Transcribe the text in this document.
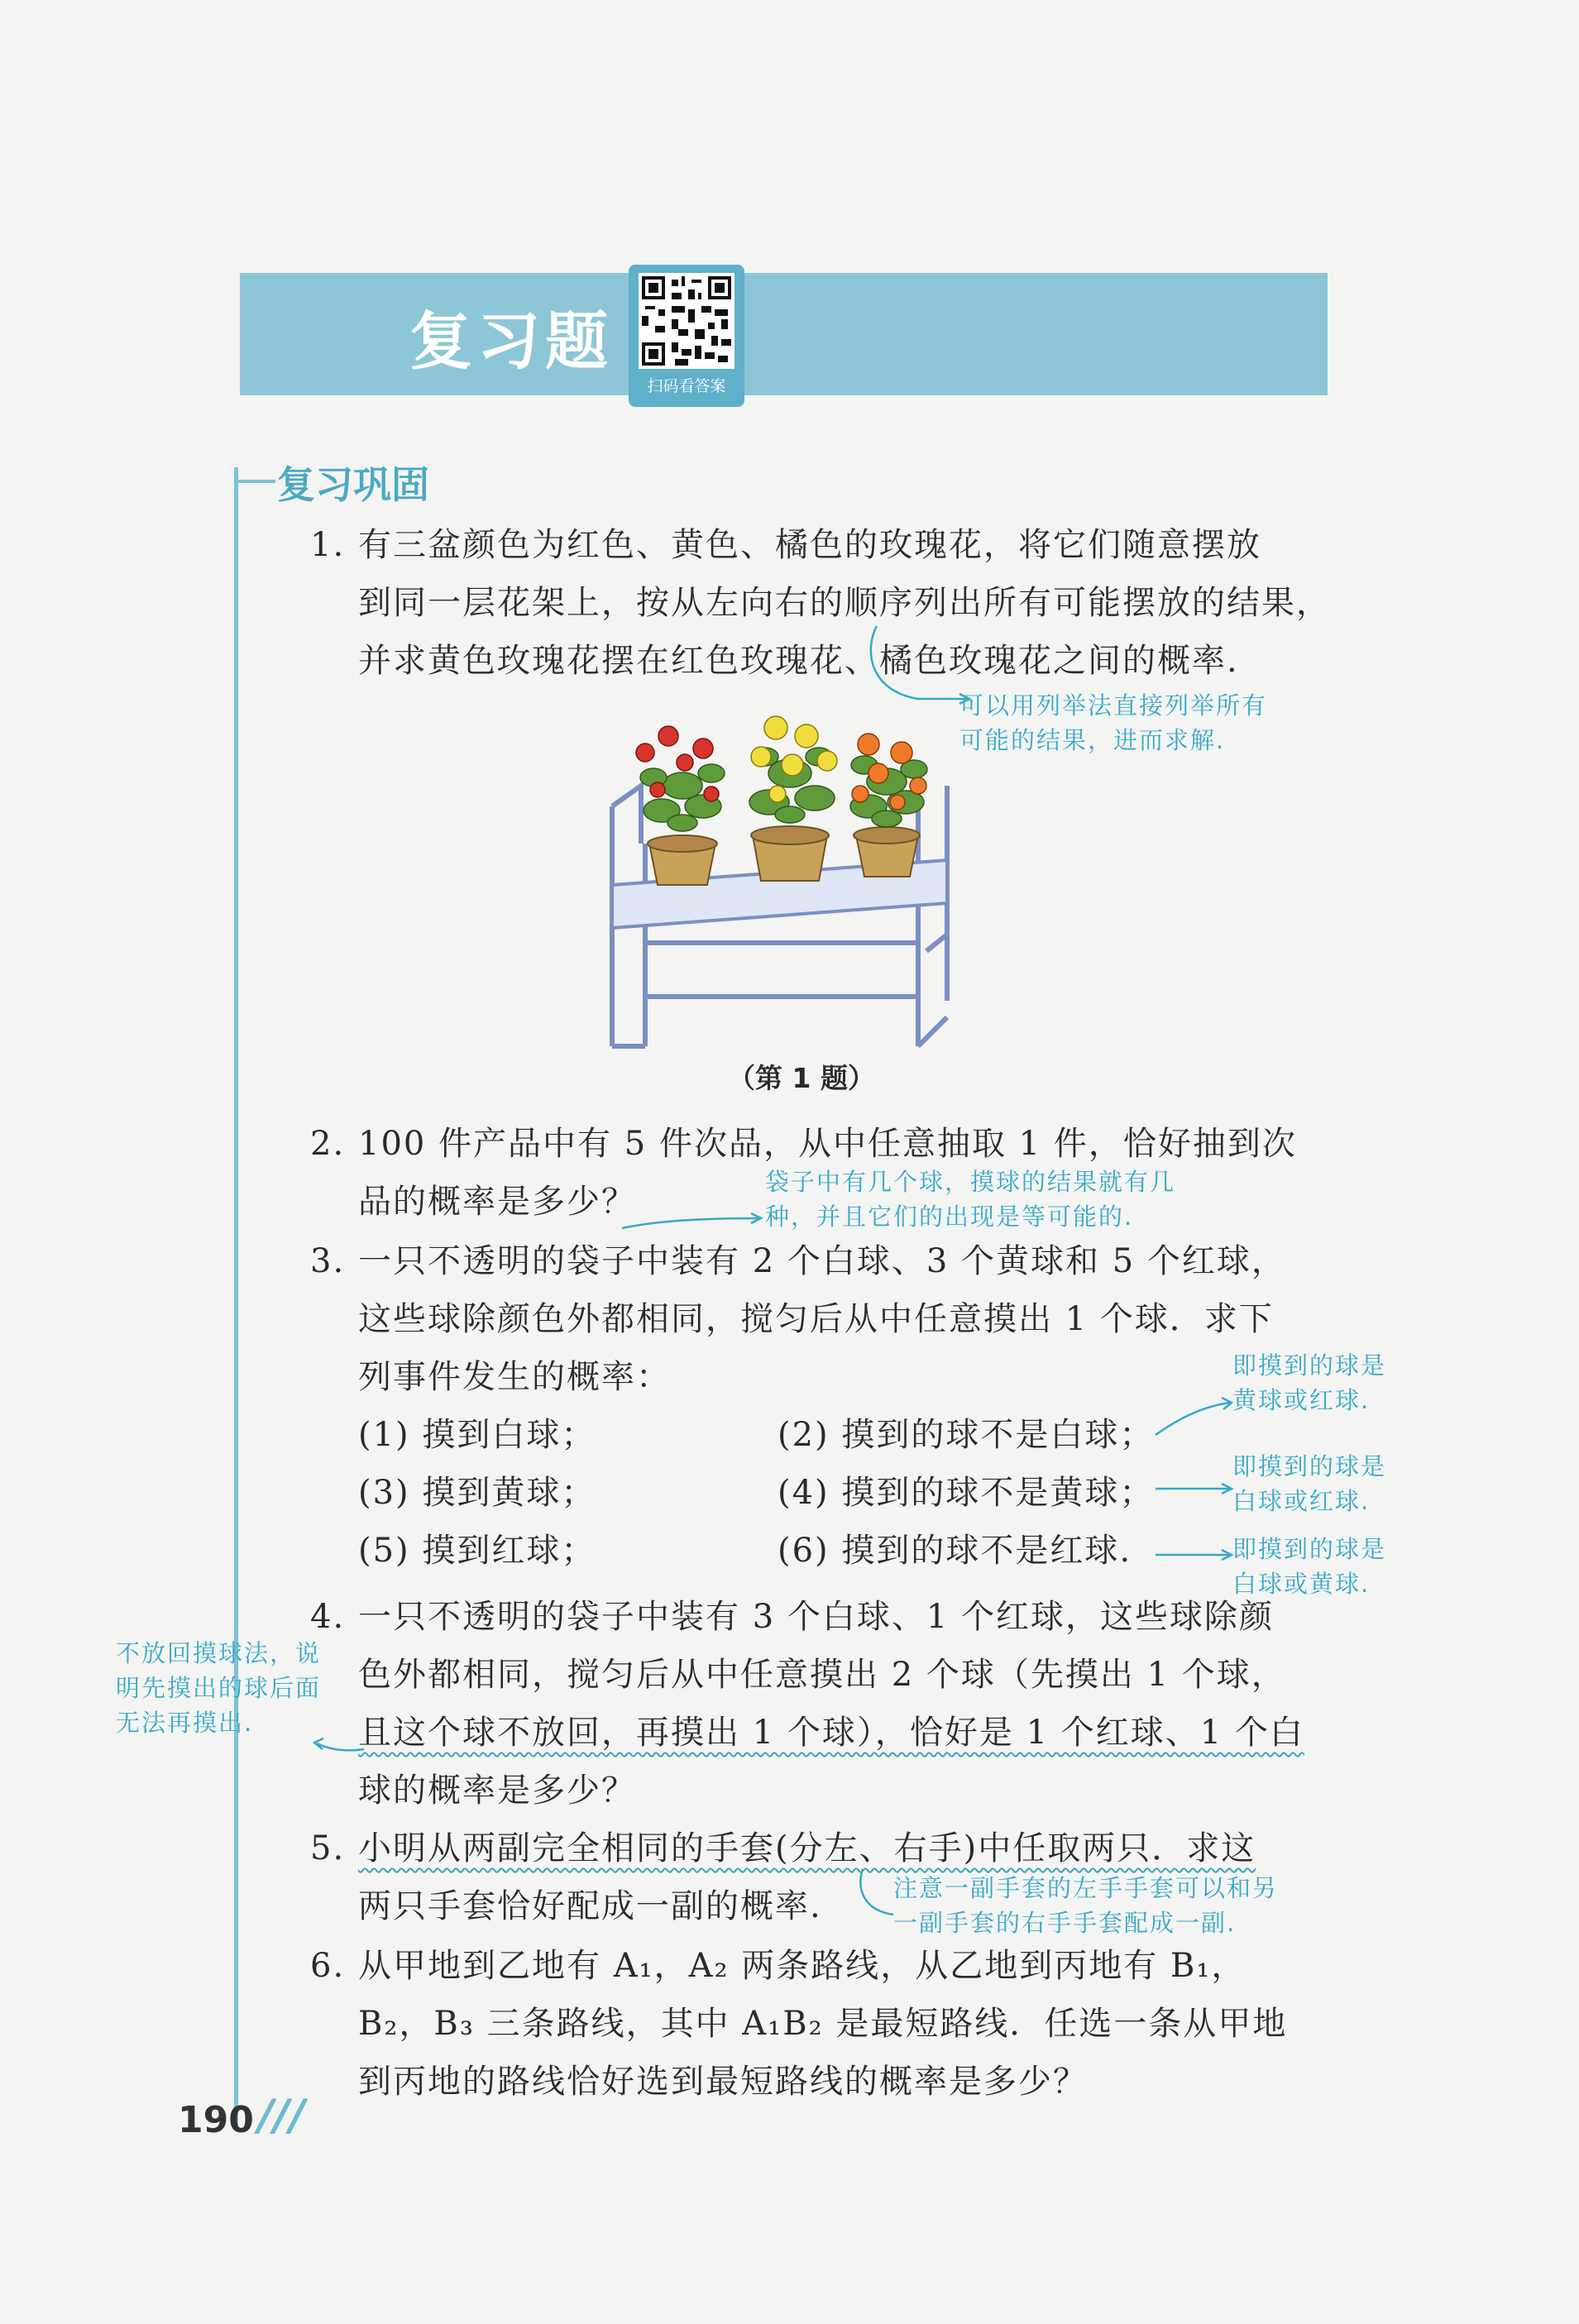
复习题
扫码看答案
复习巩固
1. 有三盆颜色为红色、黄色、橘色的玫瑰花，将它们随意摆放
到同一层花架上，按从左向右的顺序列出所有可能摆放的结果，
并求黄色玫瑰花摆在红色玫瑰花、橘色玫瑰花之间的概率.
可以用列举法直接列举所有
可能的结果，进而求解.
（第 1 题）
2. 100 件产品中有 5 件次品，从中任意抽取 1 件，恰好抽到次
品的概率是多少？
袋子中有几个球，摸球的结果就有几
种，并且它们的出现是等可能的.
3. 一只不透明的袋子中装有 2 个白球、3 个黄球和 5 个红球，
这些球除颜色外都相同，搅匀后从中任意摸出 1 个球．求下
列事件发生的概率：
(1) 摸到白球；	(2) 摸到的球不是白球；
(3) 摸到黄球；	(4) 摸到的球不是黄球；
(5) 摸到红球；	(6) 摸到的球不是红球.
即摸到的球是
黄球或红球.
即摸到的球是
白球或红球.
即摸到的球是
白球或黄球.
4. 一只不透明的袋子中装有 3 个白球、1 个红球，这些球除颜
色外都相同，搅匀后从中任意摸出 2 个球（先摸出 1 个球，
且这个球不放回，再摸出 1 个球），恰好是 1 个红球、1 个白
球的概率是多少？
不放回摸球法，说
明先摸出的球后面
无法再摸出.
5. 小明从两副完全相同的手套(分左、右手)中任取两只．求这
两只手套恰好配成一副的概率.	注意一副手套的左手手套可以和另
一副手套的右手手套配成一副.
6. 从甲地到乙地有 A₁，A₂ 两条路线，从乙地到丙地有 B₁，
B₂，B₃ 三条路线，其中 A₁B₂ 是最短路线．任选一条从甲地
到丙地的路线恰好选到最短路线的概率是多少？
190 ///
